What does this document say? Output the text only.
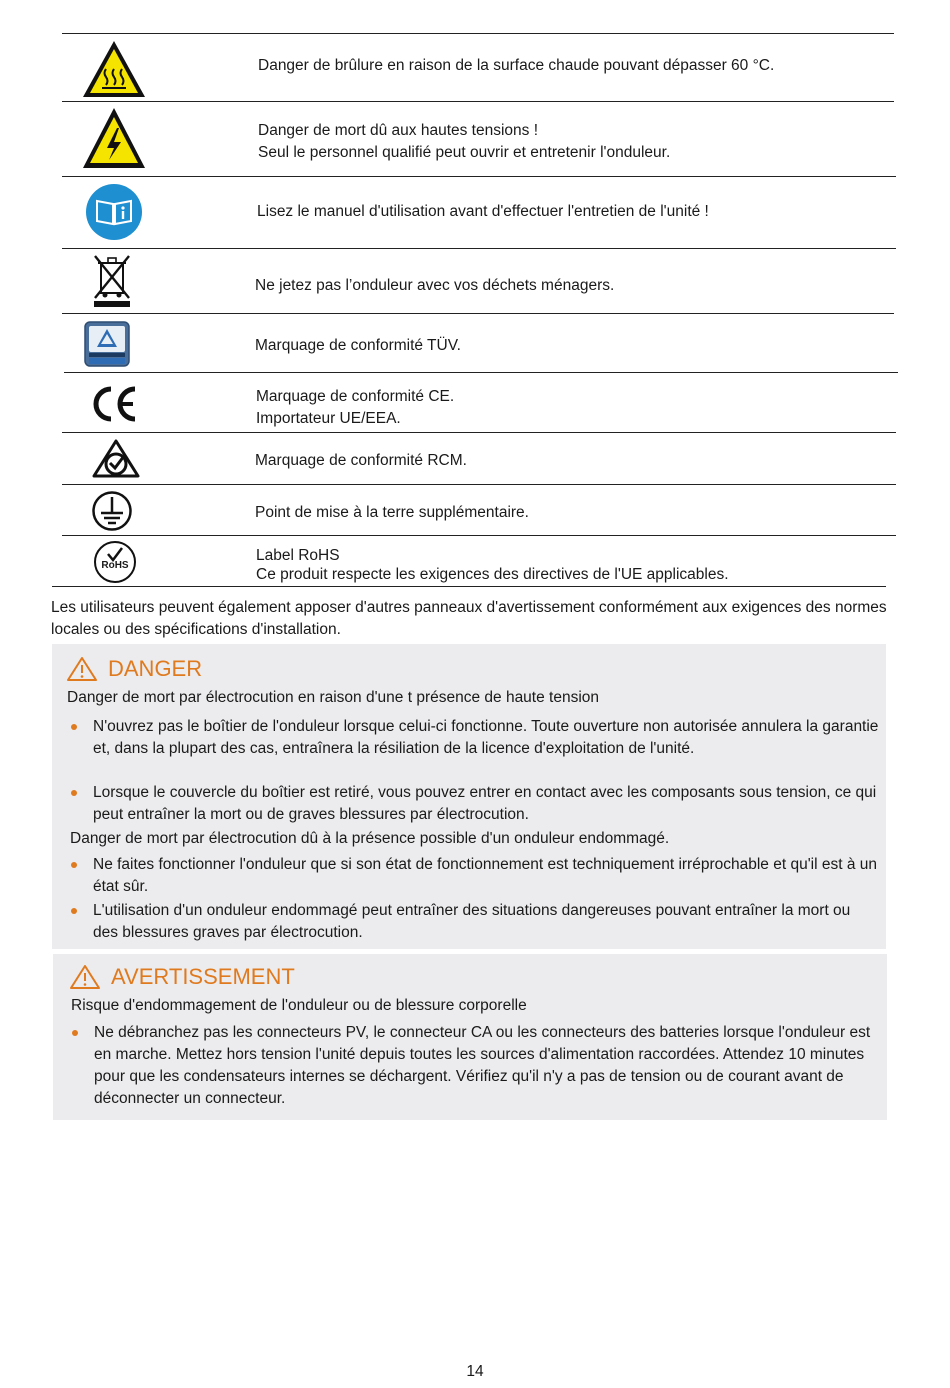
Danger de brûlure en raison de la surface chaude pouvant dépasser 60 °C.
Danger de mort dû aux hautes tensions !
Seul le personnel qualifié peut ouvrir et entretenir l'onduleur.
Lisez le manuel d'utilisation avant d'effectuer l'entretien de l'unité !
Ne jetez pas l’onduleur avec vos déchets ménagers.
Marquage de conformité TÜV.
Marquage de conformité CE.
Importateur UE/EEA.
Marquage de conformité RCM.
Point de mise à la terre supplémentaire.
RoHS
Label RoHS
Ce produit respecte les exigences des directives de l'UE applicables.
Les utilisateurs peuvent également apposer d'autres panneaux d'avertissement conformément aux exigences des normes locales ou des spécifications d'installation.
DANGER
Danger de mort par électrocution en raison d'une t présence de haute tension
N'ouvrez pas le boîtier de l'onduleur lorsque celui-ci fonctionne. Toute ouverture non autorisée annulera la garantie et, dans la plupart des cas, entraînera la résiliation de la licence d'exploitation de l'unité.
Lorsque le couvercle du boîtier est retiré, vous pouvez entrer en contact avec les composants sous tension, ce qui peut entraîner la mort ou de graves blessures par électrocution.
Danger de mort par électrocution dû à la présence possible d'un onduleur endommagé.
Ne faites fonctionner l'onduleur que si son état de fonctionnement est techniquement irréprochable et qu'il est à un état sûr.
L'utilisation d'un onduleur endommagé peut entraîner des situations dangereuses pouvant entraîner la mort ou des blessures graves par électrocution.
AVERTISSEMENT
Risque d'endommagement de l'onduleur ou de blessure corporelle
Ne débranchez pas les connecteurs PV, le connecteur CA ou les connecteurs des batteries lorsque l'onduleur est en marche. Mettez hors tension l'unité depuis toutes les sources d'alimentation raccordées. Attendez 10 minutes pour que les condensateurs internes se déchargent. Vérifiez qu'il n'y a pas de tension ou de courant avant de déconnecter un connecteur.
14
